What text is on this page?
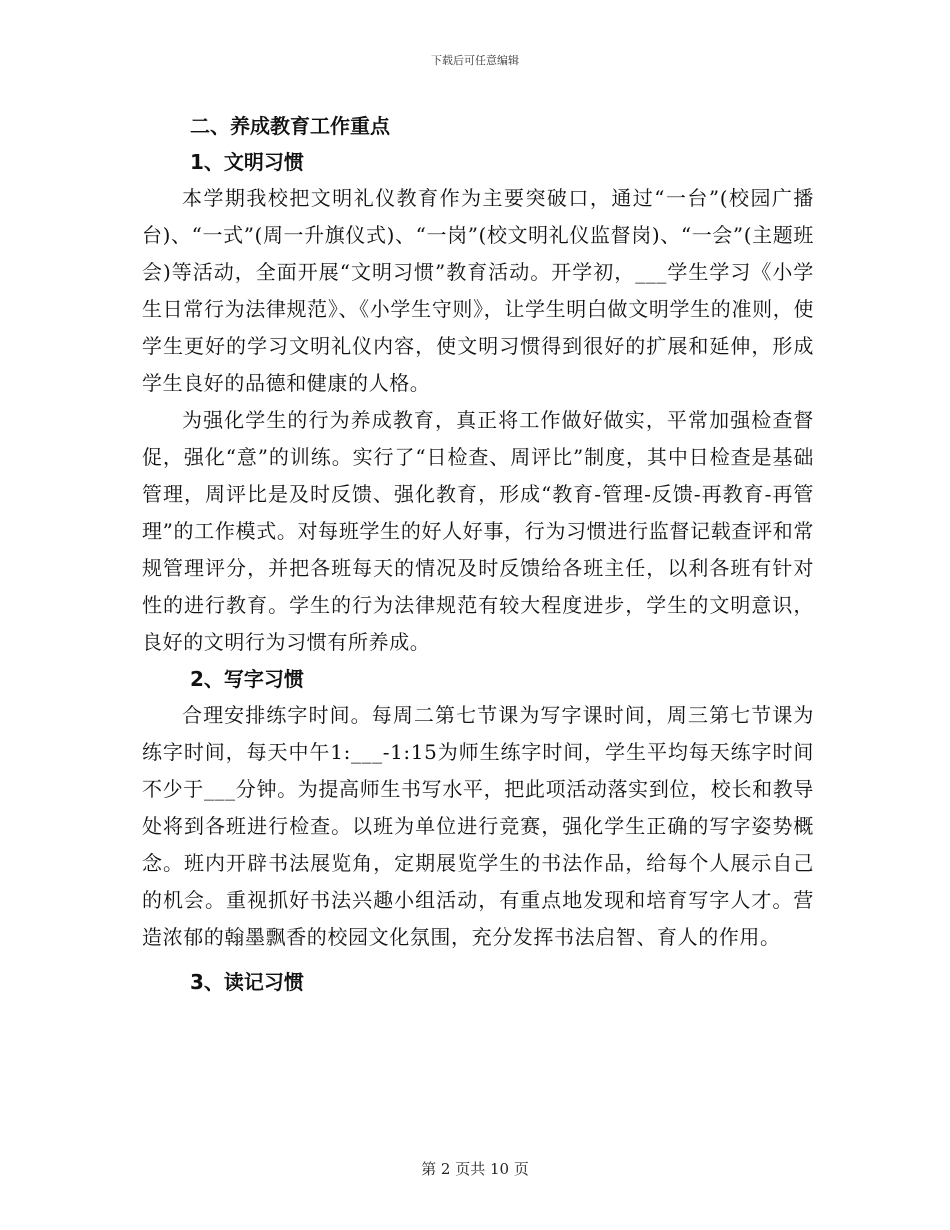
下载后可任意编辑
二、养成教育工作重点
1、文明习惯

本学期我校把文明礼仪教育作为主要突破口，通过“一台”(校园广播台)、“一式”(周一升旗仪式)、“一岗”(校文明礼仪监督岗)、“一会”(主题班会)等活动，全面开展“文明习惯”教育活动。开学初，___学生学习《小学生日常行为法律规范》、《小学生守则》，让学生明白做文明学生的准则，使学生更好的学习文明礼仪内容，使文明习惯得到很好的扩展和延伸，形成学生良好的品德和健康的人格。

为强化学生的行为养成教育，真正将工作做好做实，平常加强检查督促，强化“意”的训练。实行了“日检查、周评比”制度，其中日检查是基础管理，周评比是及时反馈、强化教育，形成“教育-管理-反馈-再教育-再管理”的工作模式。对每班学生的好人好事，行为习惯进行监督记载查评和常规管理评分，并把各班每天的情况及时反馈给各班主任，以利各班有针对性的进行教育。学生的行为法律规范有较大程度进步，学生的文明意识，良好的文明行为习惯有所养成。

2、写字习惯

合理安排练字时间。每周二第七节课为写字课时间，周三第七节课为练字时间，每天中午1:___-1:15为师生练字时间，学生平均每天练字时间不少于___分钟。为提高师生书写水平，把此项活动落实到位，校长和教导处将到各班进行检查。以班为单位进行竞赛，强化学生正确的写字姿势概念。班内开辟书法展览角，定期展览学生的书法作品，给每个人展示自己的机会。重视抓好书法兴趣小组活动，有重点地发现和培育写字人才。营造浓郁的翰墨飘香的校园文化氛围，充分发挥书法启智、育人的作用。

3、读记习惯
第 2 页共 10 页
